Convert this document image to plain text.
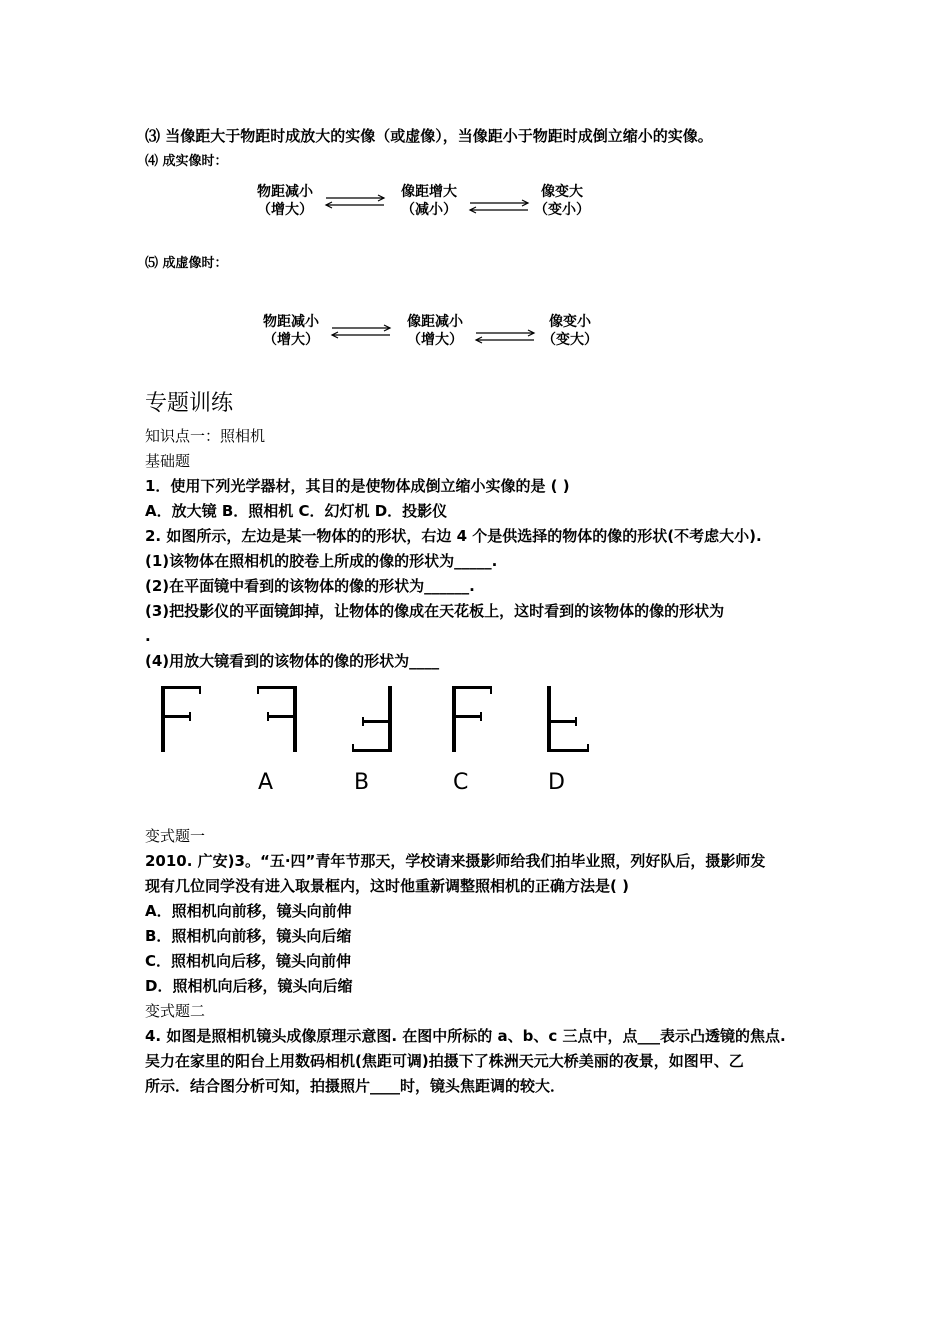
⑶ 当像距大于物距时成放大的实像（或虚像），当像距小于物距时成倒立缩小的实像。
⑷ 成实像时：
物距减小
（增大）
像距增大
（减小）
像变大
（变小）
⑸ 成虚像时：
物距减小
（增大）
像距减小
（增大）
像变小
（变大）
专题训练
知识点一：照相机
基础题
1．使用下列光学器材，其目的是使物体成倒立缩小实像的是 ( )
A．放大镜 B．照相机 C．幻灯机 D．投影仪
2. 如图所示，左边是某一物体的的形状，右边 4 个是供选择的物体的像的形状(不考虑大小).
(1)该物体在照相机的胶卷上所成的像的形状为_____.
(2)在平面镜中看到的该物体的像的形状为______.
(3)把投影仪的平面镜卸掉，让物体的像成在天花板上，这时看到的该物体的像的形状为
.
(4)用放大镜看到的该物体的像的形状为____
A	B	C	D
变式题一
2010. 广安)3。“五·四”青年节那天，学校请来摄影师给我们拍毕业照，列好队后，摄影师发
现有几位同学没有进入取景框内，这时他重新调整照相机的正确方法是( )
A．照相机向前移，镜头向前伸
B．照相机向前移，镜头向后缩
C．照相机向后移，镜头向前伸
D．照相机向后移，镜头向后缩
变式题二
4. 如图是照相机镜头成像原理示意图. 在图中所标的 a、b、c 三点中，点___表示凸透镜的焦点.
吴力在家里的阳台上用数码相机(焦距可调)拍摄下了株洲天元大桥美丽的夜景，如图甲、乙
所示．结合图分析可知，拍摄照片____时，镜头焦距调的较大．
